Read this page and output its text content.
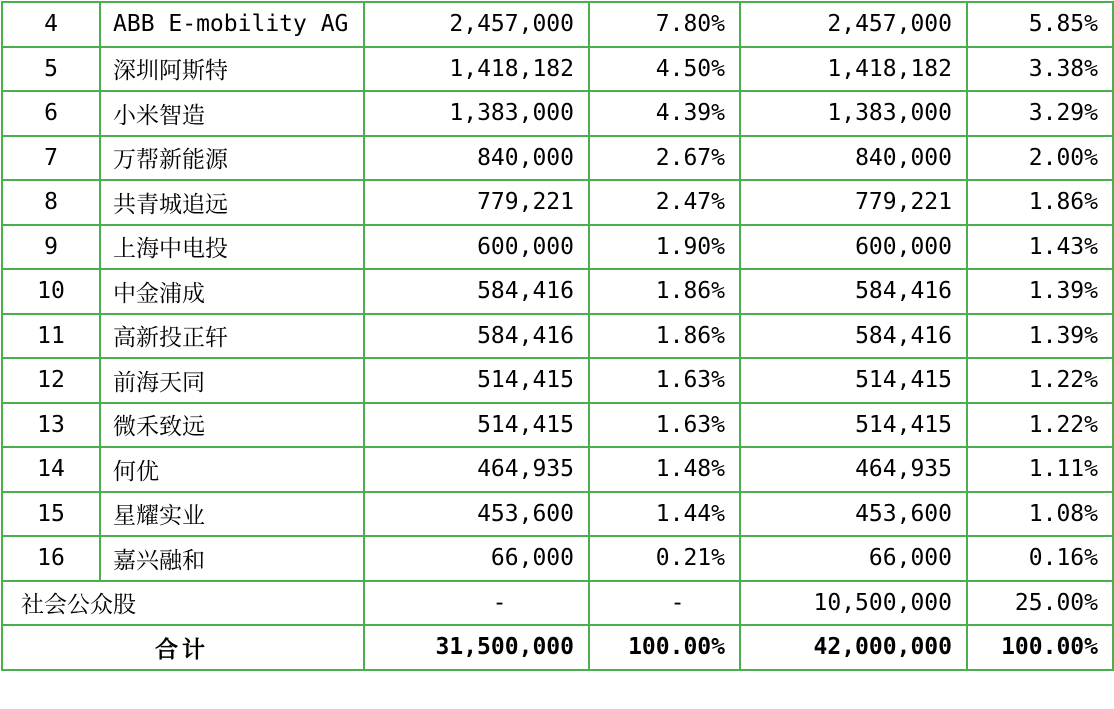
4	ABB E-mobility AG	2,457,000	7.80%	2,457,000	5.85%
5	深圳阿斯特	1,418,182	4.50%	1,418,182	3.38%
6	小米智造	1,383,000	4.39%	1,383,000	3.29%
7	万帮新能源	840,000	2.67%	840,000	2.00%
8	共青城追远	779,221	2.47%	779,221	1.86%
9	上海中电投	600,000	1.90%	600,000	1.43%
10	中金浦成	584,416	1.86%	584,416	1.39%
11	高新投正轩	584,416	1.86%	584,416	1.39%
12	前海天同	514,415	1.63%	514,415	1.22%
13	微禾致远	514,415	1.63%	514,415	1.22%
14	何优	464,935	1.48%	464,935	1.11%
15	星耀实业	453,600	1.44%	453,600	1.08%
16	嘉兴融和	66,000	0.21%	66,000	0.16%
社会公众股		-	-	10,500,000	25.00%
合计		31,500,000	100.00%	42,000,000	100.00%
